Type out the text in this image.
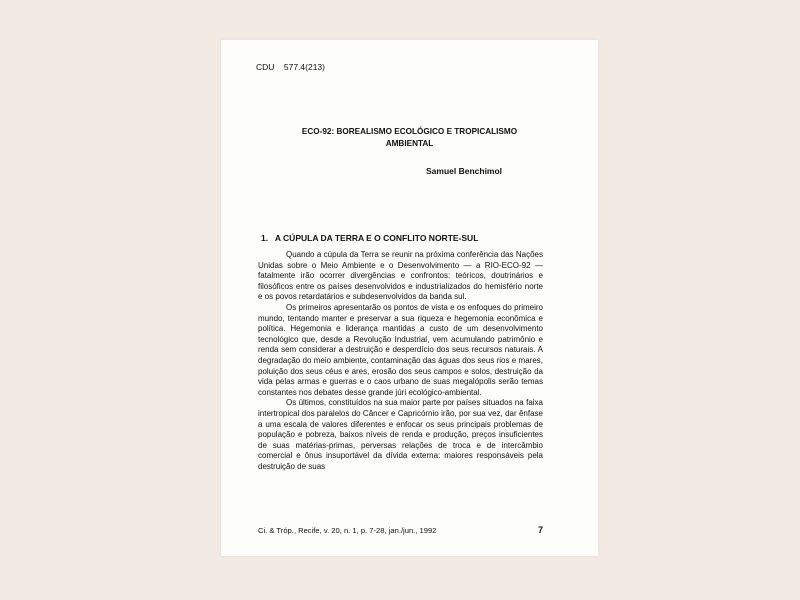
CDU    577.4(213)
ECO-92: BOREALISMO ECOLÓGICO E TROPICALISMO
AMBIENTAL
Samuel Benchimol
1.   A CÚPULA DA TERRA E O CONFLITO NORTE-SUL

Quando a cúpula da Terra se reunir na próxima conferência das Nações Unidas sobre o Meio Ambiente e o Desenvolvimento — a RIO-ECO-92 — fatalmente irão ocorrer divergências e confrontos: teóricos, doutrinários e filosóficos entre os países desenvolvidos e industrializados do hemisfério norte e os povos retardatários e subdesenvolvidos da banda sul.

Os primeiros apresentarão os pontos de vista e os enfoques do primeiro mundo, tentando manter e preservar a sua riqueza e hegemonia econômica e política. Hegemonia e liderança mantidas a custo de um desenvolvimento tecnológico que, desde a Revolução Industrial, vem acumulando patrimônio e renda sem considerar a destruição e desperdício dos seus recursos naturais. A degradação do meio ambiente, contaminação das águas dos seus rios e mares, poluição dos seus céus e ares, erosão dos seus campos e solos, destruição da vida pelas armas e guerras e o caos urbano de suas megalópolis serão temas constantes nos debates desse grande júri ecológico-ambiental.

Os últimos, constituídos na sua maior parte por países situados na faixa intertropical dos paralelos do Câncer e Capricórnio irão, por sua vez, dar ênfase a uma escala de valores diferentes e enfocar os seus principais problemas de população e pobreza, baixos níveis de renda e produção, preços insuficientes de suas matérias-primas, perversas relações de troca e de intercâmbio comercial e ônus insuportável da dívida externa: maiores responsáveis pela destruição de suas

Ci. & Tróp., Recife, v. 20, n. 1, p. 7-28, jan./jun., 1992	7
